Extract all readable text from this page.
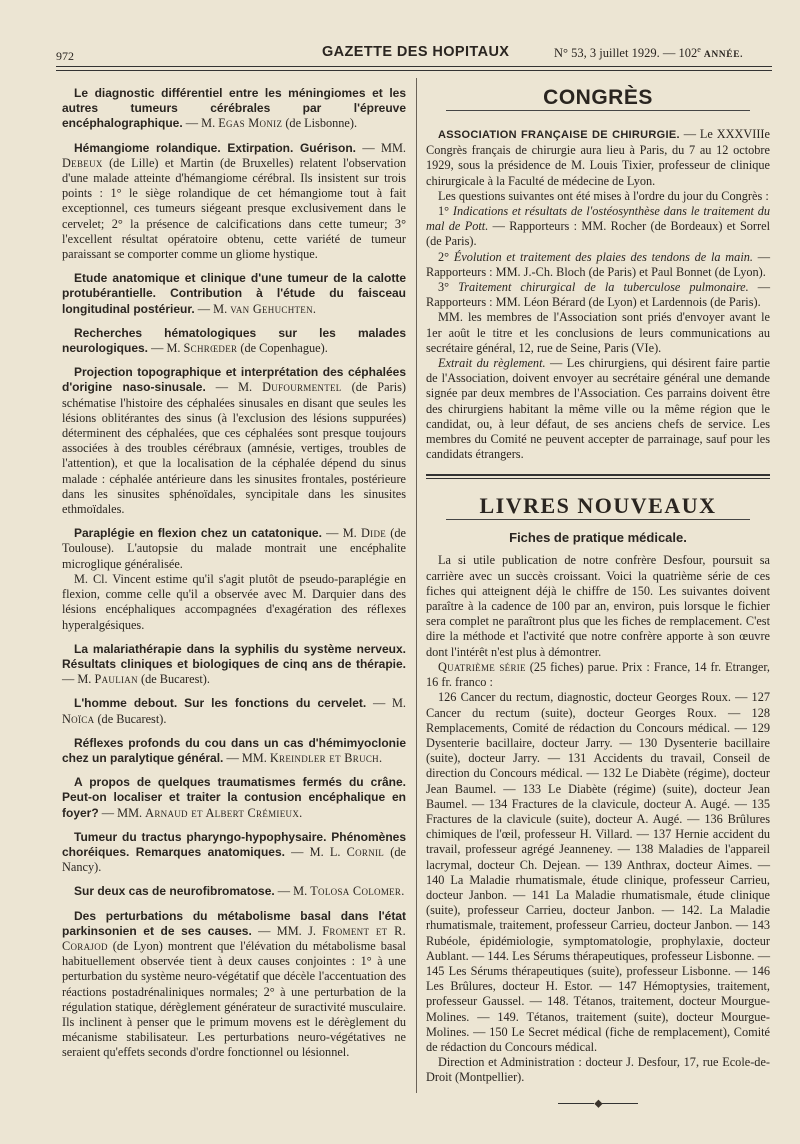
972	GAZETTE DES HOPITAUX	N° 53, 3 juillet 1929. — 102e ANNÉE.

Le diagnostic différentiel entre les méningiomes et les autres tumeurs cérébrales par l'épreuve encéphalographique. — M. Egas Moniz (de Lisbonne).

Hémangiome rolandique. Extirpation. Guérison. — MM. Debeux (de Lille) et Martin (de Bruxelles) relatent l'observation d'une malade atteinte d'hémangiome cérébral. Ils insistent sur trois points : 1° le siège rolandique de cet hémangiome tout à fait exceptionnel, ces tumeurs siégeant presque exclusivement dans le cervelet; 2° la présence de calcifications dans cette tumeur; 3° l'excellent résultat opératoire obtenu, cette variété de tumeur paraissant se comporter comme un gliome hystique.

Etude anatomique et clinique d'une tumeur de la calotte protubérantielle. Contribution à l'étude du faisceau longitudinal postérieur. — M. van Gehuchten.

Recherches hématologiques sur les malades neurologiques. — M. Schrœder (de Copenhague).

Projection topographique et interprétation des céphalées d'origine naso-sinusale. — M. Dufourmentel (de Paris) schématise l'histoire des céphalées sinusales en disant que seules les lésions oblitérantes des sinus (à l'exclusion des lésions suppurées) déterminent des céphalées, que ces céphalées sont presque toujours associées à des troubles cérébraux (amnésie, vertiges, troubles de l'attention), et que la localisation de la céphalée dépend du sinus malade : céphalée antérieure dans les sinusites frontales, postérieure dans les sinusites sphénoïdales, syncipitale dans les sinusites ethmoïdales.

Paraplégie en flexion chez un catatonique. — M. Dide (de Toulouse). L'autopsie du malade montrait une encéphalite microglique généralisée.

M. Cl. Vincent estime qu'il s'agit plutôt de pseudo-paraplégie en flexion, comme celle qu'il a observée avec M. Darquier dans des lésions encéphaliques accompagnées d'exagération des réflexes hyperalgésiques.

La malariathérapie dans la syphilis du système nerveux. Résultats cliniques et biologiques de cinq ans de thérapie. — M. Paulian (de Bucarest).

L'homme debout. Sur les fonctions du cervelet. — M. Noïca (de Bucarest).

Réflexes profonds du cou dans un cas d'hémimyoclonie chez un paralytique général. — MM. Kreindler et Bruch.

A propos de quelques traumatismes fermés du crâne. Peut-on localiser et traiter la contusion encéphalique en foyer? — MM. Arnaud et Albert Crémieux.

Tumeur du tractus pharyngo-hypophysaire. Phénomènes choréiques. Remarques anatomiques. — M. L. Cornil (de Nancy).

Sur deux cas de neurofibromatose. — M. Tolosa Colomer.

Des perturbations du métabolisme basal dans l'état parkinsonien et de ses causes. — MM. J. Froment et R. Corajod (de Lyon) montrent que l'élévation du métabolisme basal habituellement observée tient à deux causes conjointes : 1° à une perturbation du système neuro-végétatif que décèle l'accentuation des réactions postadrénaliniques normales; 2° à une perturbation de la régulation statique, dérèglement générateur de suractivité musculaire. Ils inclinent à penser que le primum movens est le dérèglement du mécanisme stabilisateur. Les perturbations neuro-végétatives ne seraient qu'effets seconds d'ordre fonctionnel ou lésionnel.

CONGRÈS

ASSOCIATION FRANÇAISE DE CHIRURGIE. — Le XXXVIIIe Congrès français de chirurgie aura lieu à Paris, du 7 au 12 octobre 1929, sous la présidence de M. Louis Tixier, professeur de clinique chirurgicale à la Faculté de médecine de Lyon.

Les questions suivantes ont été mises à l'ordre du jour du Congrès :

1° Indications et résultats de l'ostéosynthèse dans le traitement du mal de Pott. — Rapporteurs : MM. Rocher (de Bordeaux) et Sorrel (de Paris).

2° Évolution et traitement des plaies des tendons de la main. — Rapporteurs : MM. J.-Ch. Bloch (de Paris) et Paul Bonnet (de Lyon).

3° Traitement chirurgical de la tuberculose pulmonaire. — Rapporteurs : MM. Léon Bérard (de Lyon) et Lardennois (de Paris).

MM. les membres de l'Association sont priés d'envoyer avant le 1er août le titre et les conclusions de leurs communications au secrétaire général, 12, rue de Seine, Paris (VIe).

Extrait du règlement. — Les chirurgiens, qui désirent faire partie de l'Association, doivent envoyer au secrétaire général une demande signée par deux membres de l'Association. Ces parrains doivent être des chirurgiens habitant la même ville ou la même région que le candidat, ou, à leur défaut, de ses anciens chefs de service. Les membres du Comité ne peuvent accepter de parrainage, sauf pour les candidats étrangers.

LIVRES NOUVEAUX
Fiches de pratique médicale.

La si utile publication de notre confrère Desfour, poursuit sa carrière avec un succès croissant. Voici la quatrième série de ces fiches qui atteignent déjà le chiffre de 150. Les suivantes doivent paraître à la cadence de 100 par an, environ, puis lorsque le fichier sera complet ne paraîtront plus que les fiches de remplacement. C'est dire la méthode et l'activité que notre confrère apporte à son œuvre dont l'intérêt n'est plus à démontrer.

Quatrième série (25 fiches) parue. Prix : France, 14 fr. Etranger, 16 fr. franco :

126 Cancer du rectum, diagnostic, docteur Georges Roux. — 127 Cancer du rectum (suite), docteur Georges Roux. — 128 Remplacements, Comité de rédaction du Concours médical. — 129 Dysenterie bacillaire, docteur Jarry. — 130 Dysenterie bacillaire (suite), docteur Jarry. — 131 Accidents du travail, Conseil de direction du Concours médical. — 132 Le Diabète (régime), docteur Jean Baumel. — 133 Le Diabète (régime) (suite), docteur Jean Baumel. — 134 Fractures de la clavicule, docteur A. Augé. — 135 Fractures de la clavicule (suite), docteur A. Augé. — 136 Brûlures chimiques de l'œil, professeur H. Villard. — 137 Hernie accident du travail, professeur agrégé Jeanneney. — 138 Maladies de l'appareil lacrymal, docteur Ch. Dejean. — 139 Anthrax, docteur Aimes. — 140 La Maladie rhumatismale, étude clinique, professeur Carrieu, docteur Janbon. — 141 La Maladie rhumatismale, étude clinique (suite), professeur Carrieu, docteur Janbon. — 142. La Maladie rhumatismale, traitement, professeur Carrieu, docteur Janbon. — 143 Rubéole, épidémiologie, symptomatologie, prophylaxie, docteur Aublant. — 144. Les Sérums thérapeutiques, professeur Lisbonne. — 145 Les Sérums thérapeutiques (suite), professeur Lisbonne. — 146 Les Brûlures, docteur H. Estor. — 147 Hémoptysies, traitement, professeur Gaussel. — 148. Tétanos, traitement, docteur Mourgue-Molines. — 149. Tétanos, traitement (suite), docteur Mourgue-Molines. — 150 Le Secret médical (fiche de remplacement), Comité de rédaction du Concours médical.

Direction et Administration : docteur J. Desfour, 17, rue Ecole-de-Droit (Montpellier).

⬥
